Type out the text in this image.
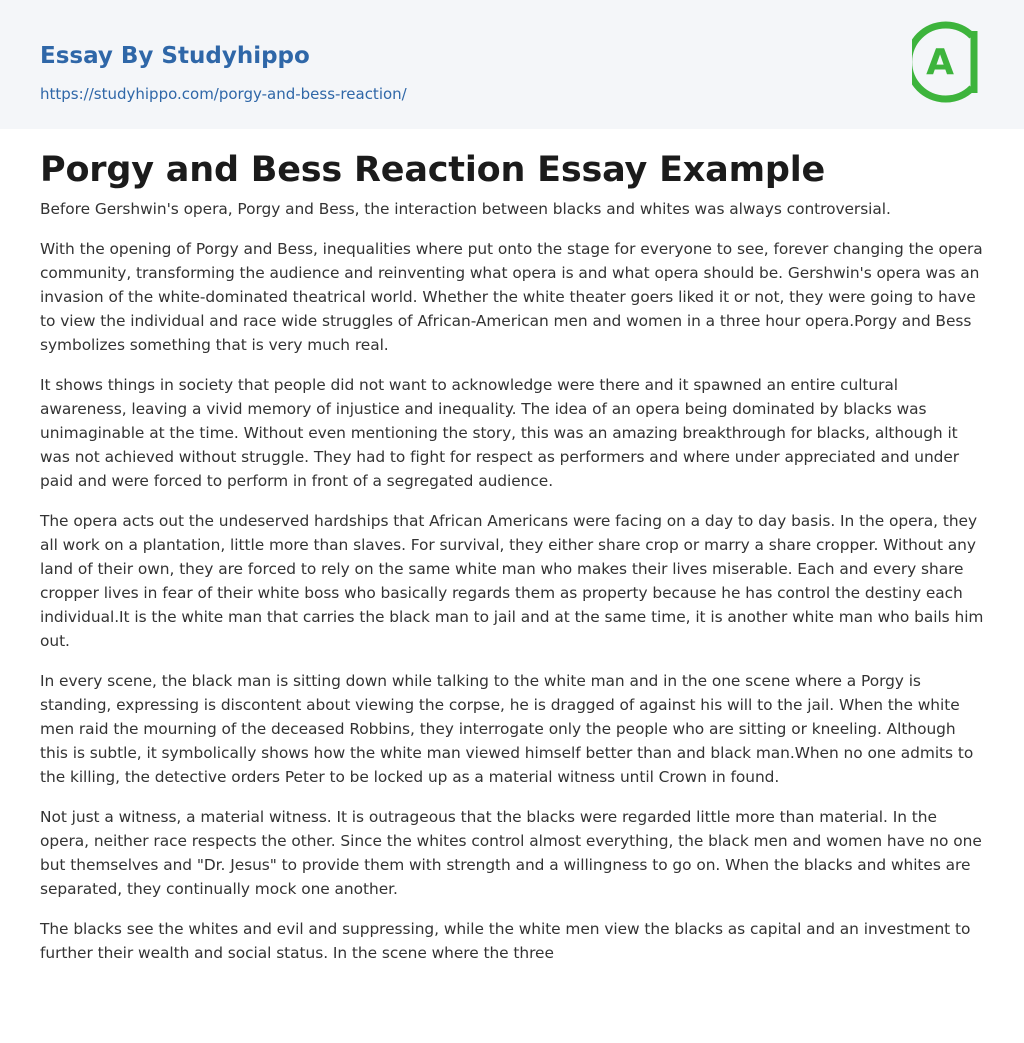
Essay By Studyhippo
https://studyhippo.com/porgy-and-bess-reaction/
A
Porgy and Bess Reaction Essay Example

Before Gershwin's opera, Porgy and Bess, the interaction between blacks and whites was always controversial.

With the opening of Porgy and Bess, inequalities where put onto the stage for everyone to see, forever changing the opera community, transforming the audience and reinventing what opera is and what opera should be. Gershwin's opera was an invasion of the white-dominated theatrical world. Whether the white theater goers liked it or not, they were going to have to view the individual and race wide struggles of African-American men and women in a three hour opera.Porgy and Bess symbolizes something that is very much real.

It shows things in society that people did not want to acknowledge were there and it spawned an entire cultural awareness, leaving a vivid memory of injustice and inequality. The idea of an opera being dominated by blacks was unimaginable at the time. Without even mentioning the story, this was an amazing breakthrough for blacks, although it was not achieved without struggle. They had to fight for respect as performers and where under appreciated and under paid and were forced to perform in front of a segregated audience.

The opera acts out the undeserved hardships that African Americans were facing on a day to day basis. In the opera, they all work on a plantation, little more than slaves. For survival, they either share crop or marry a share cropper. Without any land of their own, they are forced to rely on the same white man who makes their lives miserable. Each and every share cropper lives in fear of their white boss who basically regards them as property because he has control the destiny each individual.It is the white man that carries the black man to jail and at the same time, it is another white man who bails him out.

In every scene, the black man is sitting down while talking to the white man and in the one scene where a Porgy is standing, expressing is discontent about viewing the corpse, he is dragged of against his will to the jail. When the white men raid the mourning of the deceased Robbins, they interrogate only the people who are sitting or kneeling. Although this is subtle, it symbolically shows how the white man viewed himself better than and black man.When no one admits to the killing, the detective orders Peter to be locked up as a material witness until Crown in found.

Not just a witness, a material witness. It is outrageous that the blacks were regarded little more than material. In the opera, neither race respects the other. Since the whites control almost everything, the black men and women have no one but themselves and "Dr. Jesus" to provide them with strength and a willingness to go on. When the blacks and whites are separated, they continually mock one another.

The blacks see the whites and evil and suppressing, while the white men view the blacks as capital and an investment to further their wealth and social status. In the scene where the three
